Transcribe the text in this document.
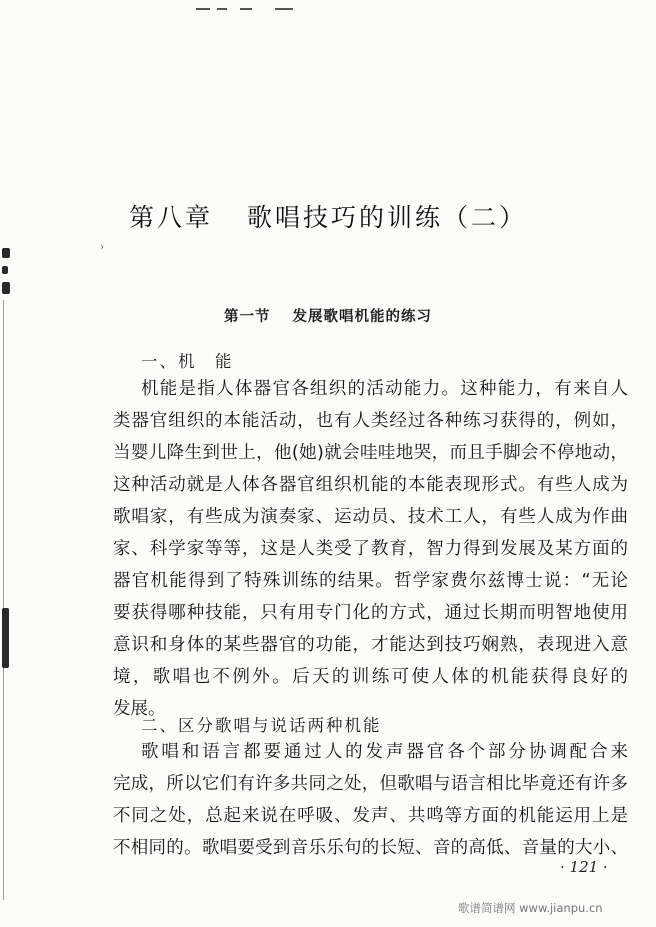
›
第八章 歌唱技巧的训练（二）
第一节 发展歌唱机能的练习
一、机　能
机能是指人体器官各组织的活动能力。这种能力，有来自人
类器官组织的本能活动，也有人类经过各种练习获得的，例如，
当婴儿降生到世上，他(她)就会哇哇地哭，而且手脚会不停地动，
这种活动就是人体各器官组织机能的本能表现形式。有些人成为
歌唱家，有些成为演奏家、运动员、技术工人，有些人成为作曲
家、科学家等等，这是人类受了教育，智力得到发展及某方面的
器官机能得到了特殊训练的结果。哲学家费尔兹博士说：“无论
要获得哪种技能，只有用专门化的方式，通过长期而明智地使用
意识和身体的某些器官的功能，才能达到技巧娴熟，表现进入意
境，歌唱也不例外。后天的训练可使人体的机能获得良好的
发展。
二、区分歌唱与说话两种机能
歌唱和语言都要通过人的发声器官各个部分协调配合来
完成，所以它们有许多共同之处，但歌唱与语言相比毕竟还有许多
不同之处，总起来说在呼吸、发声、共鸣等方面的机能运用上是
不相同的。歌唱要受到音乐乐句的长短、音的高低、音量的大小、
· 121 ·
歌谱简谱网 www.jianpu.cn
